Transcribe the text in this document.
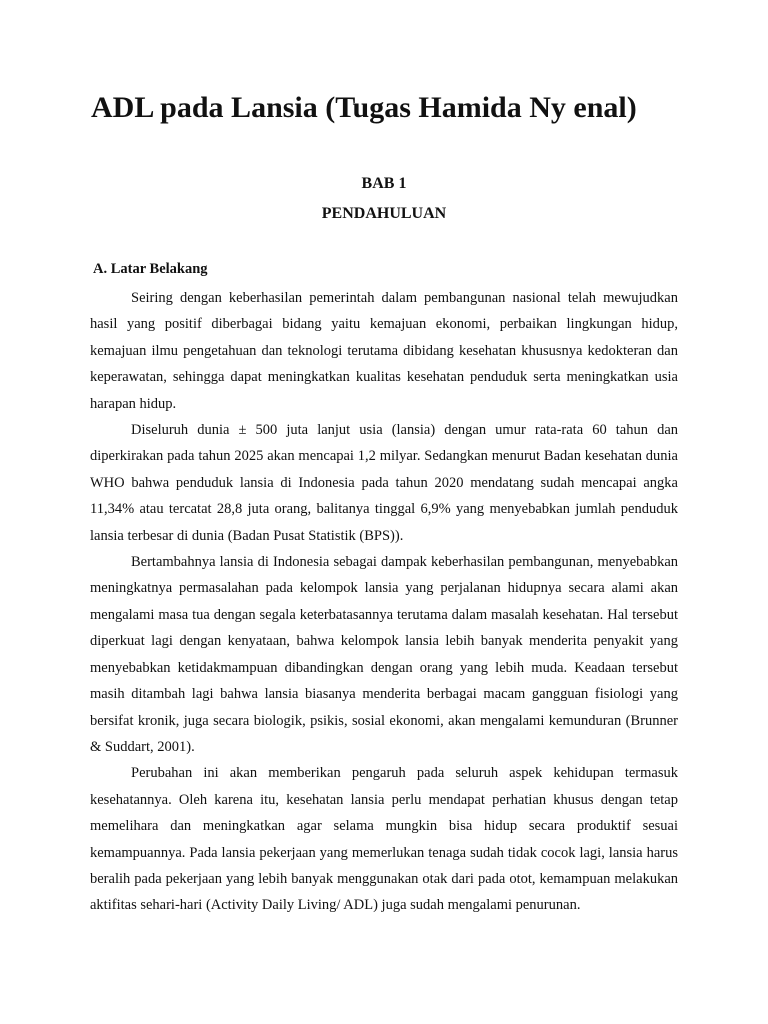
ADL pada Lansia (Tugas Hamida Ny enal)

BAB 1

PENDAHULUAN

A. Latar Belakang

Seiring dengan keberhasilan pemerintah dalam pembangunan nasional telah mewujudkan hasil yang positif diberbagai bidang yaitu kemajuan ekonomi, perbaikan lingkungan hidup, kemajuan ilmu pengetahuan dan teknologi terutama dibidang kesehatan khususnya kedokteran dan keperawatan, sehingga dapat meningkatkan kualitas kesehatan penduduk serta meningkatkan usia harapan hidup.

Diseluruh dunia ± 500 juta lanjut usia (lansia) dengan umur rata-rata 60 tahun dan diperkirakan pada tahun 2025 akan mencapai 1,2 milyar. Sedangkan menurut Badan kesehatan dunia WHO bahwa penduduk lansia di Indonesia pada tahun 2020 mendatang sudah mencapai angka 11,34% atau tercatat 28,8 juta orang, balitanya tinggal 6,9% yang menyebabkan jumlah penduduk lansia terbesar di dunia (Badan Pusat Statistik (BPS)).

Bertambahnya lansia di Indonesia sebagai dampak keberhasilan pembangunan, menyebabkan meningkatnya permasalahan pada kelompok lansia yang perjalanan hidupnya secara alami akan mengalami masa tua dengan segala keterbatasannya terutama dalam masalah kesehatan. Hal tersebut diperkuat lagi dengan kenyataan, bahwa kelompok lansia lebih banyak menderita penyakit yang menyebabkan ketidakmampuan dibandingkan dengan orang yang lebih muda. Keadaan tersebut masih ditambah lagi bahwa lansia biasanya menderita berbagai macam gangguan fisiologi yang bersifat kronik, juga secara biologik, psikis, sosial ekonomi, akan mengalami kemunduran (Brunner & Suddart, 2001).

Perubahan ini akan memberikan pengaruh pada seluruh aspek kehidupan termasuk kesehatannya. Oleh karena itu, kesehatan lansia perlu mendapat perhatian khusus dengan tetap memelihara dan meningkatkan agar selama mungkin bisa hidup secara produktif sesuai kemampuannya. Pada lansia pekerjaan yang memerlukan tenaga sudah tidak cocok lagi, lansia harus beralih pada pekerjaan yang lebih banyak menggunakan otak dari pada otot, kemampuan melakukan aktifitas sehari-hari (Activity Daily Living/ ADL) juga sudah mengalami penurunan.
